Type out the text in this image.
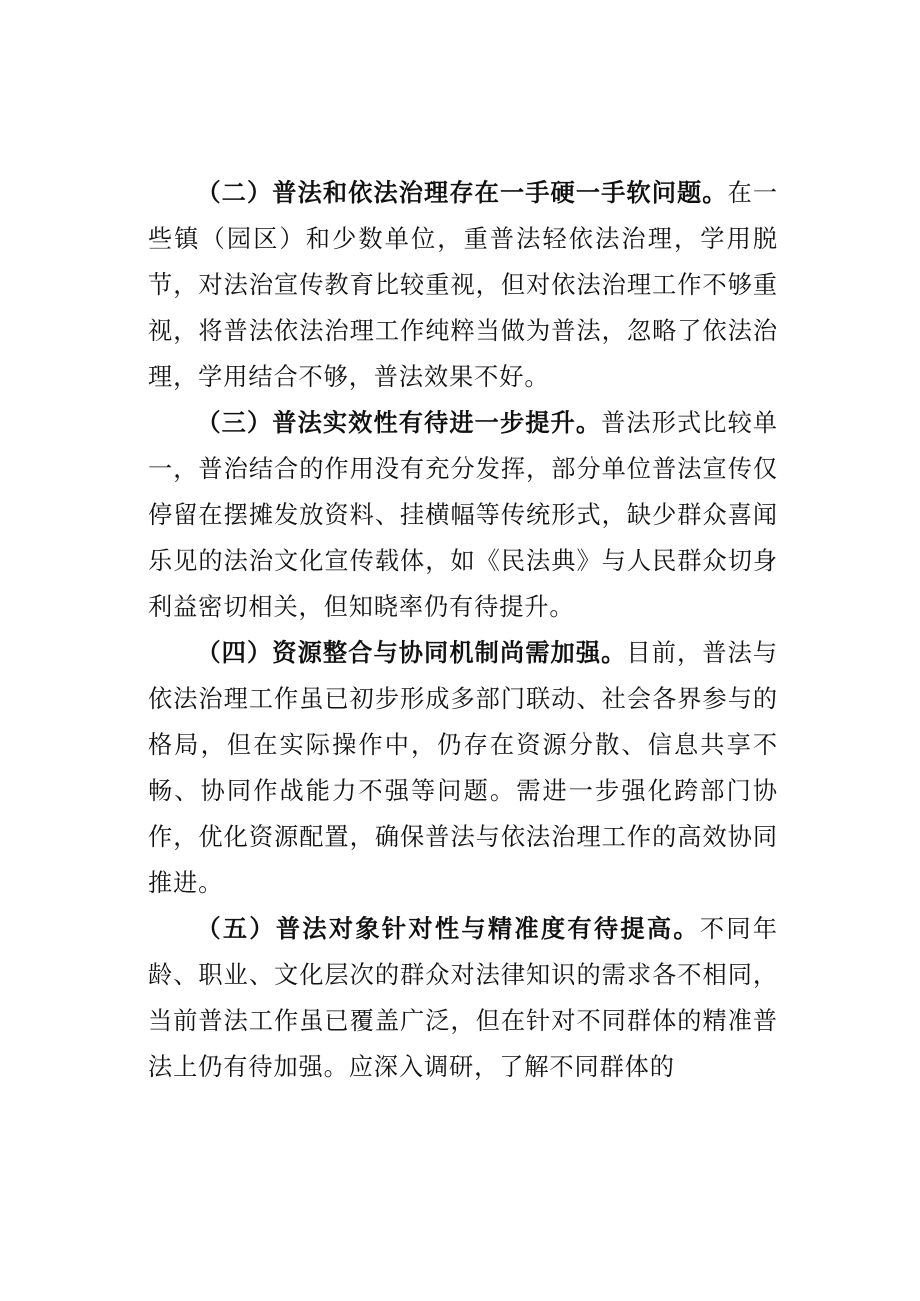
（二）普法和依法治理存在一手硬一手软问题。在一些镇（园区）和少数单位，重普法轻依法治理，学用脱节，对法治宣传教育比较重视，但对依法治理工作不够重视，将普法依法治理工作纯粹当做为普法，忽略了依法治理，学用结合不够，普法效果不好。

（三）普法实效性有待进一步提升。普法形式比较单一，普治结合的作用没有充分发挥，部分单位普法宣传仅停留在摆摊发放资料、挂横幅等传统形式，缺少群众喜闻乐见的法治文化宣传载体，如《民法典》与人民群众切身利益密切相关，但知晓率仍有待提升。

（四）资源整合与协同机制尚需加强。目前，普法与依法治理工作虽已初步形成多部门联动、社会各界参与的格局，但在实际操作中，仍存在资源分散、信息共享不畅、协同作战能力不强等问题。需进一步强化跨部门协作，优化资源配置，确保普法与依法治理工作的高效协同推进。

（五）普法对象针对性与精准度有待提高。不同年龄、职业、文化层次的群众对法律知识的需求各不相同，当前普法工作虽已覆盖广泛，但在针对不同群体的精准普法上仍有待加强。应深入调研，了解不同群体的
